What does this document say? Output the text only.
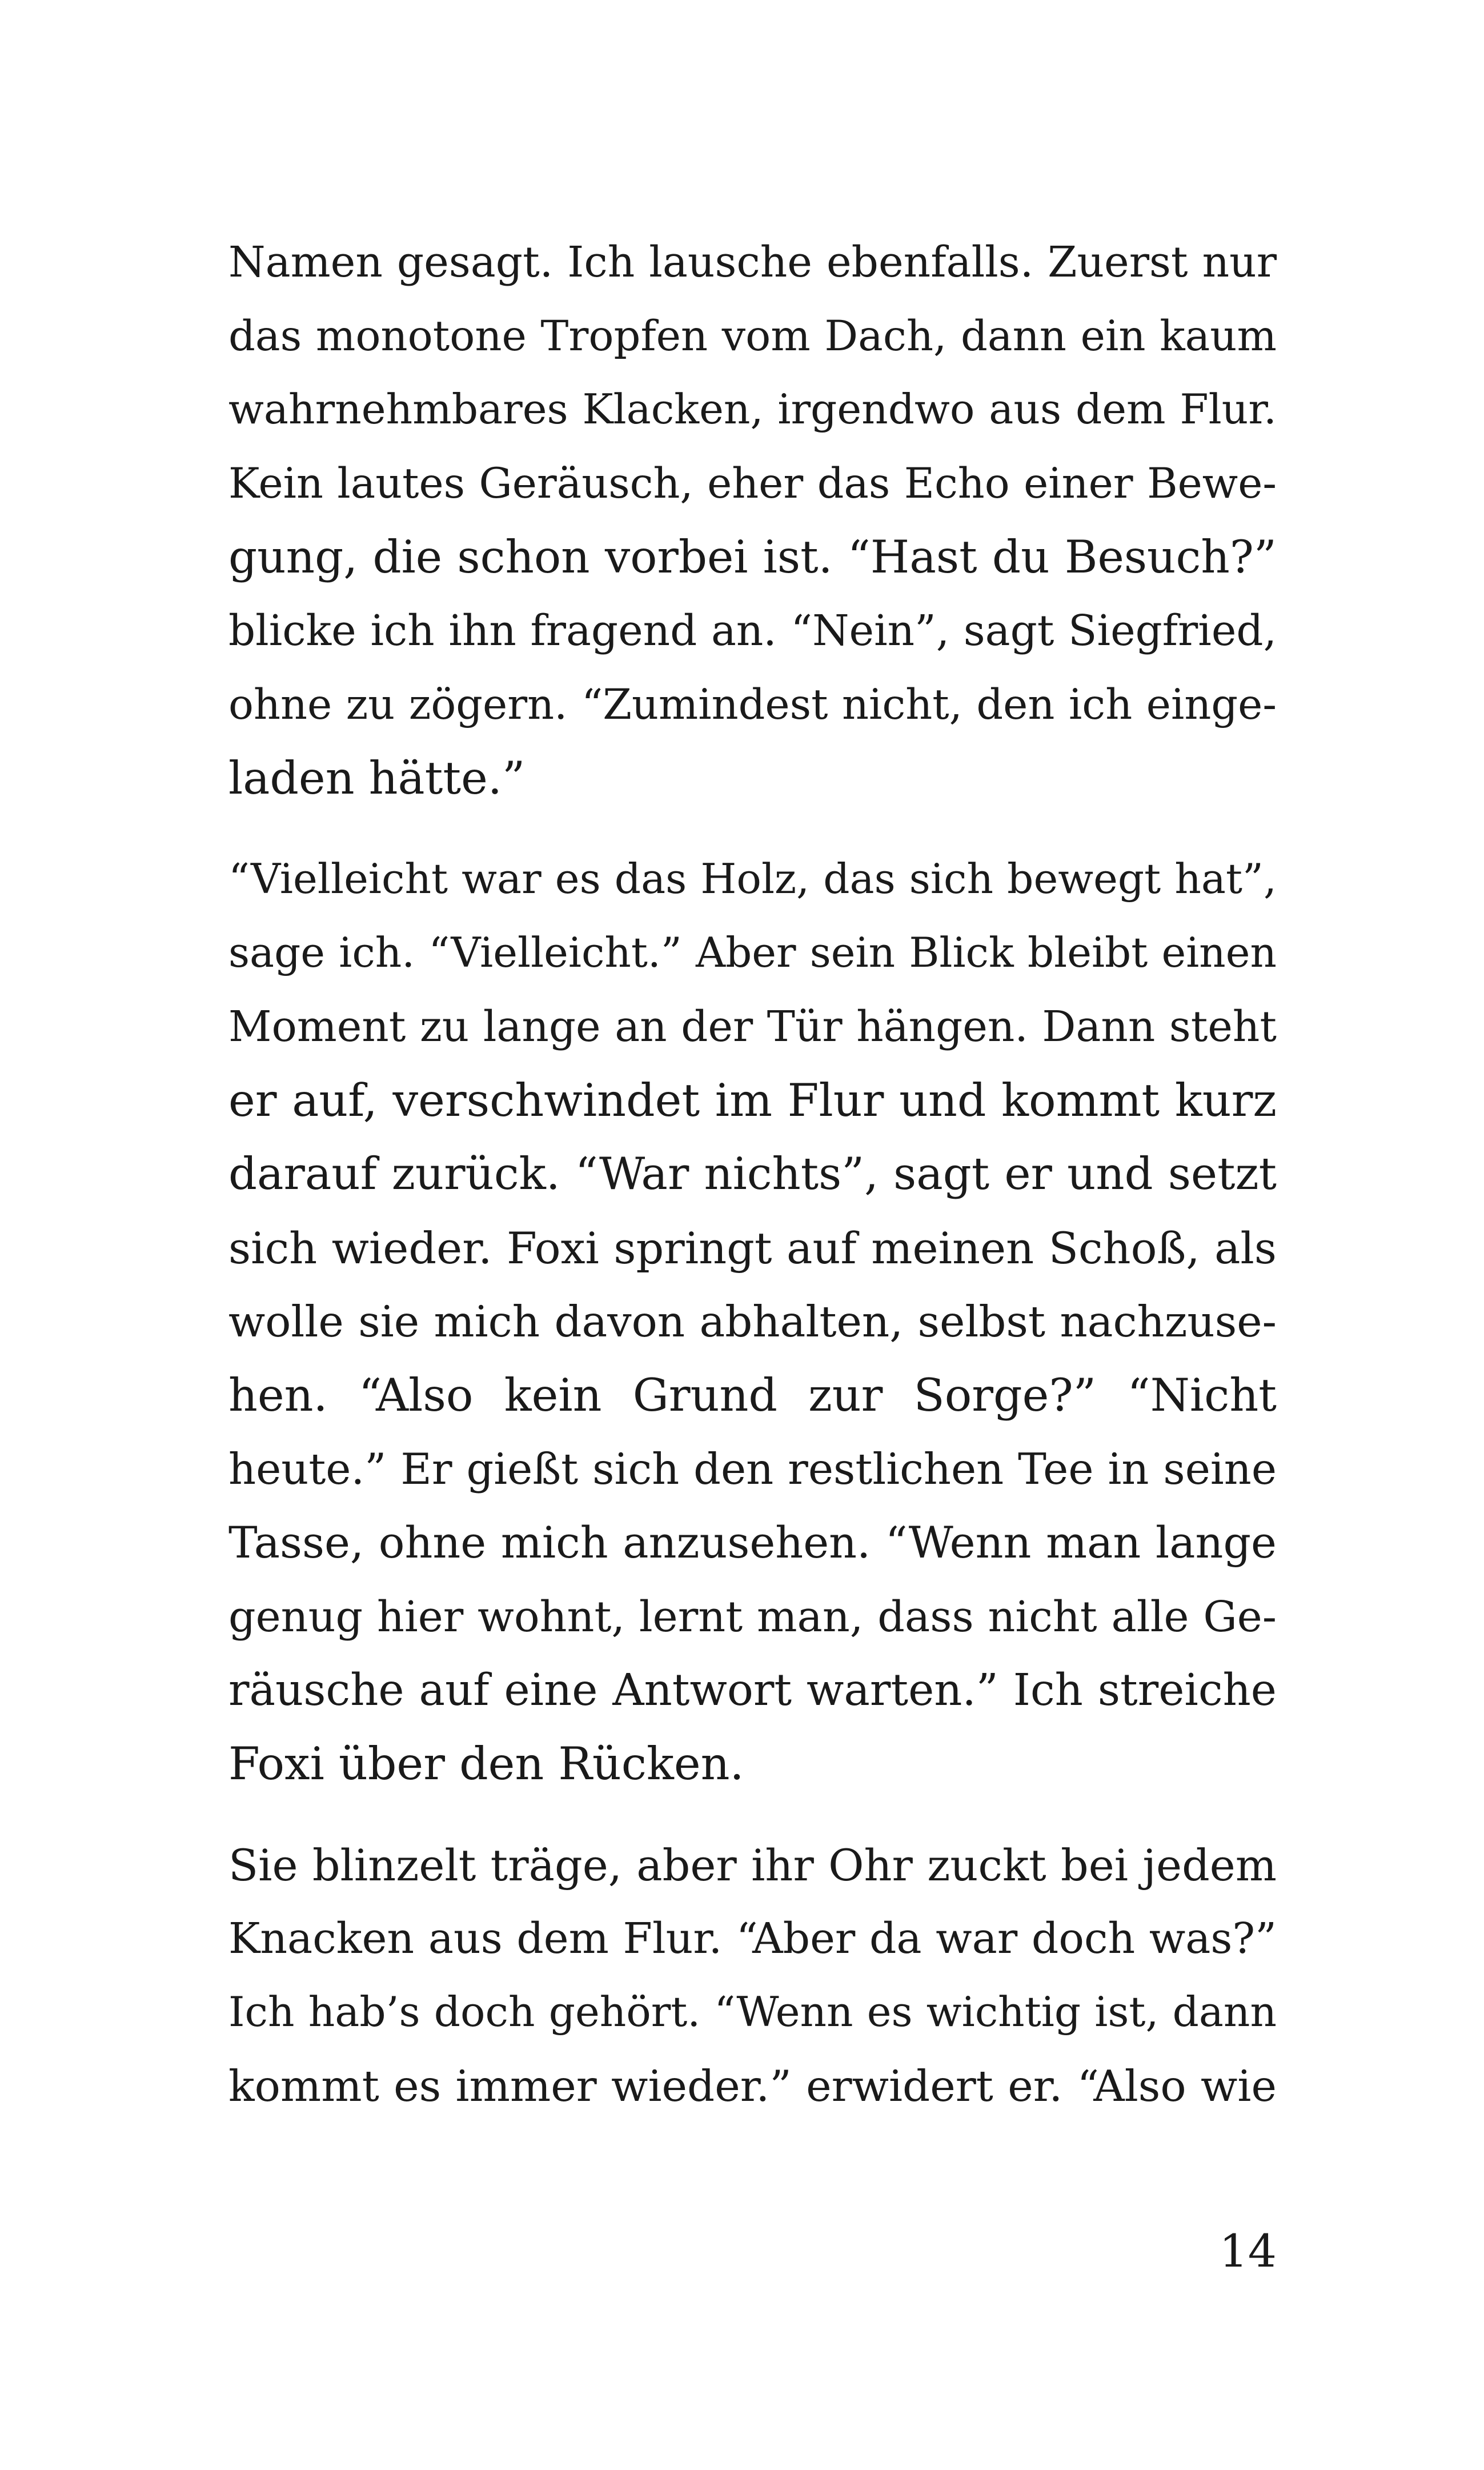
Namen gesagt. Ich lausche ebenfalls. Zuerst nur
das monotone Tropfen vom Dach, dann ein kaum
wahrnehmbares Klacken, irgendwo aus dem Flur.
Kein lautes Geräusch, eher das Echo einer Bewe-
gung, die schon vorbei ist. “Hast du Besuch?”
blicke ich ihn fragend an. “Nein”, sagt Siegfried,
ohne zu zögern. “Zumindest nicht, den ich einge-
laden hätte.”
“Vielleicht war es das Holz, das sich bewegt hat”,
sage ich. “Vielleicht.” Aber sein Blick bleibt einen
Moment zu lange an der Tür hängen. Dann steht
er auf, verschwindet im Flur und kommt kurz
darauf zurück. “War nichts”, sagt er und setzt
sich wieder. Foxi springt auf meinen Schoß, als
wolle sie mich davon abhalten, selbst nachzuse-
hen. “Also kein Grund zur Sorge?” “Nicht
heute.” Er gießt sich den restlichen Tee in seine
Tasse, ohne mich anzusehen. “Wenn man lange
genug hier wohnt, lernt man, dass nicht alle Ge-
räusche auf eine Antwort warten.” Ich streiche
Foxi über den Rücken.
Sie blinzelt träge, aber ihr Ohr zuckt bei jedem
Knacken aus dem Flur. “Aber da war doch was?”
Ich hab’s doch gehört. “Wenn es wichtig ist, dann
kommt es immer wieder.” erwidert er. “Also wie
14
